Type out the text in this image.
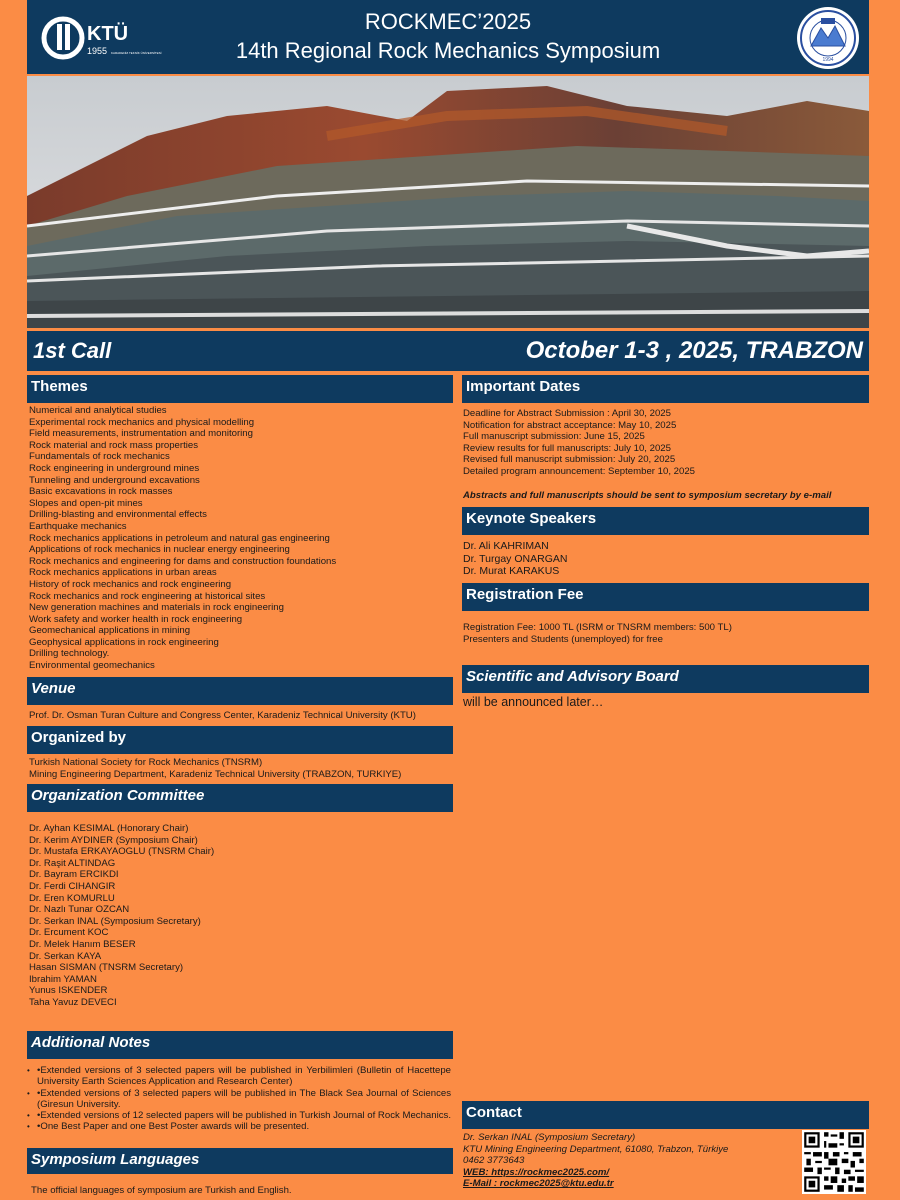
KTÜ
1955 KARADENİZ TEKNİK ÜNİVERSİTESİ
ROCKMEC’2025
14th Regional Rock Mechanics Symposium	1994
1st Call	October 1-3 , 2025, TRABZON
Themes
Numerical and analytical studies
Experimental rock mechanics and physical modelling
Field measurements, instrumentation and monitoring
Rock material and rock mass properties
Fundamentals of rock mechanics
Rock engineering in underground mines
Tunneling and underground excavations
Basic excavations in rock masses
Slopes and open-pit mines
Drilling-blasting and environmental effects
Earthquake mechanics
Rock mechanics applications in petroleum and natural gas engineering
Applications of rock mechanics in nuclear energy engineering
Rock mechanics and engineering for dams and construction foundations
Rock mechanics applications in urban areas
History of rock mechanics and rock engineering
Rock mechanics and rock engineering at historical sites
New generation machines and materials in rock engineering
Work safety and worker health in rock engineering
Geomechanical applications in mining
Geophysical applications in rock engineering
Drilling technology.
Environmental geomechanics
Venue
Prof. Dr. Osman Turan Culture and Congress Center, Karadeniz Technical University (KTU)
Organized by
Turkish National Society for Rock Mechanics (TNSRM)
Mining Engineering Department, Karadeniz Technical University (TRABZON, TURKIYE)
Organization Committee
Dr. Ayhan KESIMAL (Honorary Chair)
Dr. Kerim AYDINER (Symposium Chair)
Dr. Mustafa ERKAYAOGLU (TNSRM Chair)
Dr. Raşit ALTINDAG
Dr. Bayram ERCIKDI
Dr. Ferdi CIHANGIR
Dr. Eren KOMURLU
Dr. Nazlı Tunar OZCAN
Dr. Serkan INAL (Symposium Secretary)
Dr. Ercument KOC
Dr. Melek Hanım BESER
Dr. Serkan KAYA
Hasan SISMAN (TNSRM Secretary)
Ibrahim YAMAN
Yunus ISKENDER
Taha Yavuz DEVECI
Additional Notes
• •Extended versions of 3 selected papers will be published in Yerbilimleri (Bulletin of Hacettepe University Earth Sciences Application and Research Center)
• •Extended versions of 3 selected papers will be published in The Black Sea Journal of Sciences (Giresun University.
• •Extended versions of 12 selected papers will be published in Turkish Journal of Rock Mechanics.
• •One Best Paper and one Best Poster awards will be presented.
Symposium Languages
The official languages of symposium are Turkish and English.
Important Dates
Deadline for Abstract Submission : April 30, 2025
Notification for abstract acceptance: May 10, 2025
Full manuscript submission: June 15, 2025
Review results for full manuscripts: July 10, 2025
Revised full manuscript submission: July 20, 2025
Detailed program announcement: September 10, 2025
Abstracts and full manuscripts should be sent to symposium secretary by e-mail
Keynote Speakers
Dr. Ali KAHRIMAN
Dr. Turgay ONARGAN
Dr. Murat KARAKUS
Registration Fee
Registration Fee: 1000 TL (ISRM or TNSRM members: 500 TL)
Presenters and Students (unemployed) for free
Scientific and Advisory Board
will be announced later…
Contact
Dr. Serkan INAL (Symposium Secretary)
KTU Mining Engineering Department, 61080, Trabzon, Türkiye
0462 3773643
WEB: https://rockmec2025.com/
E-Mail : rockmec2025@ktu.edu.tr
